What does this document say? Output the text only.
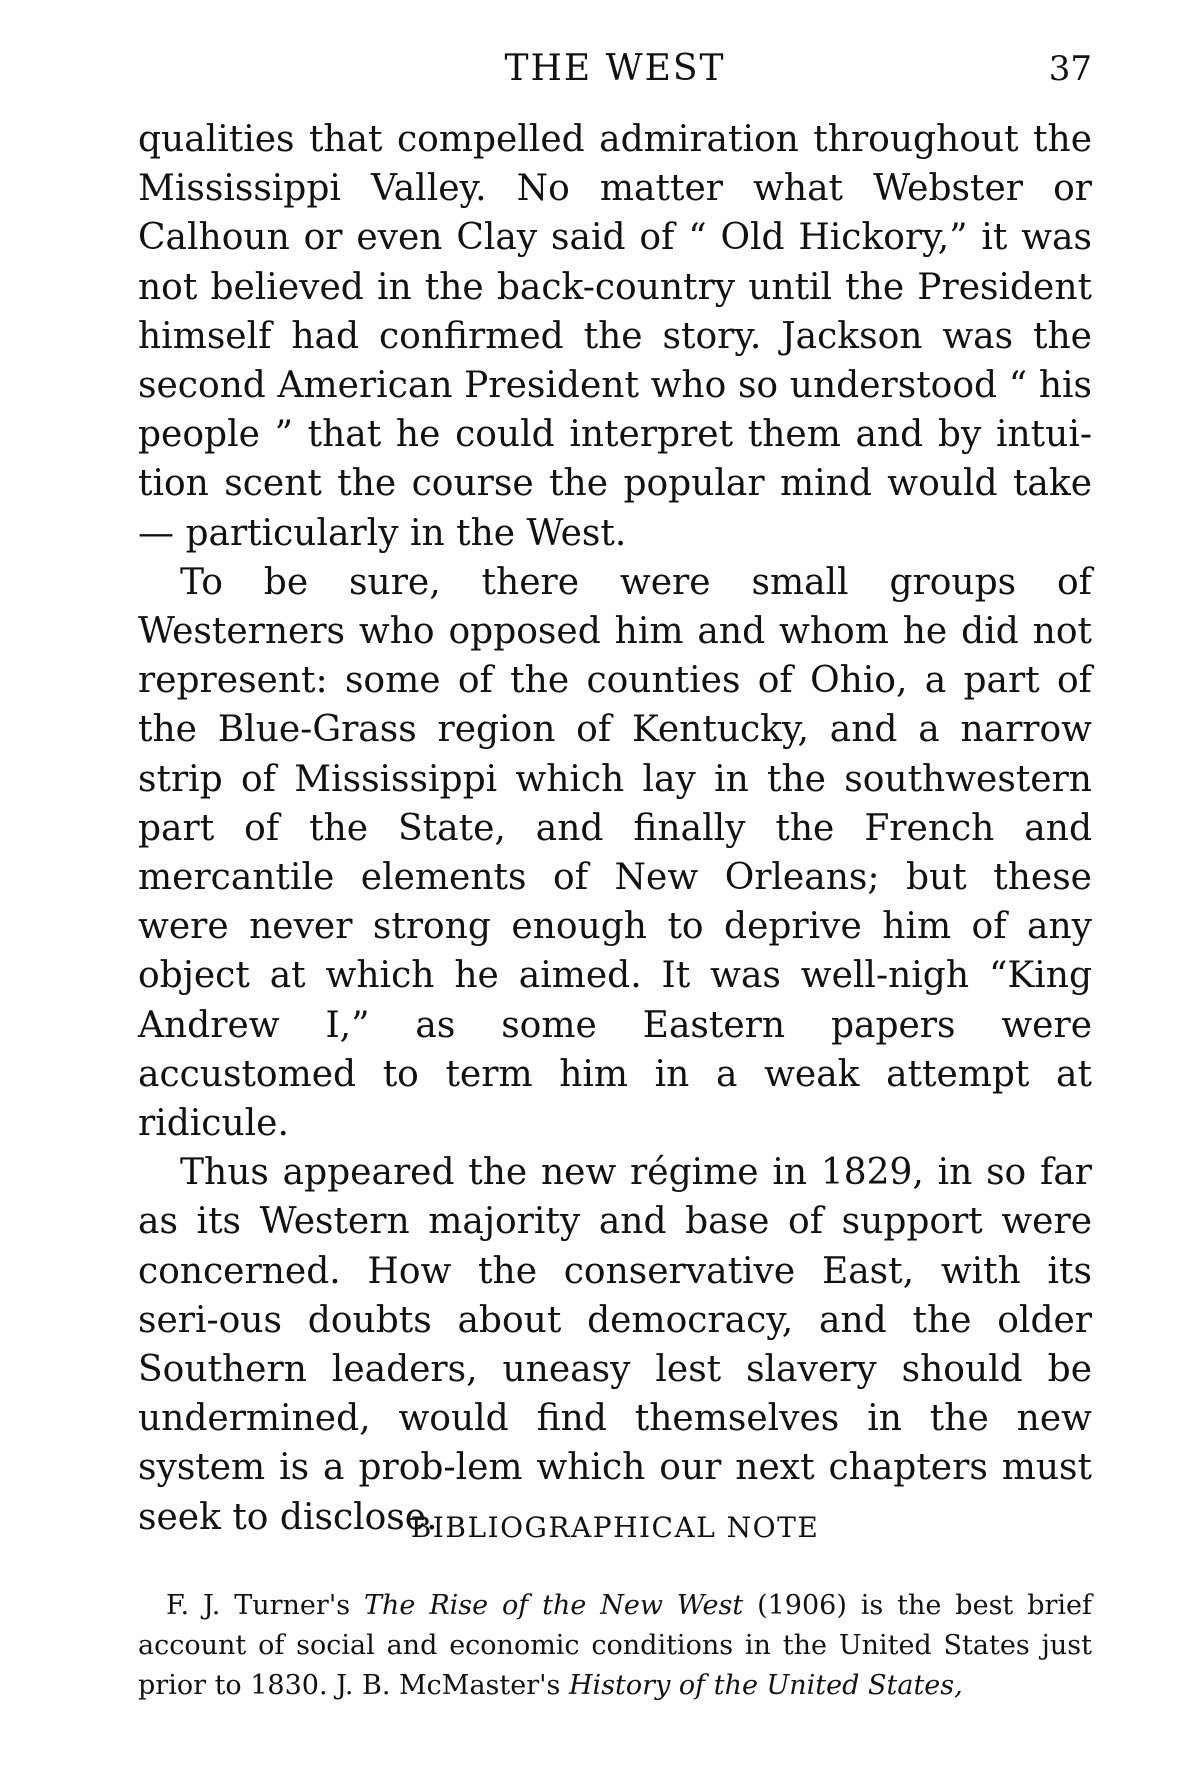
THE WEST	37

qualities that compelled admiration throughout the Mississippi Valley. No matter what Webster or Calhoun or even Clay said of “ Old Hickory,” it was not believed in the back-country until the President himself had confirmed the story. Jackson was the second American President who so understood “ his people ” that he could interpret them and by intui-tion scent the course the popular mind would take — particularly in the West.

To be sure, there were small groups of Westerners who opposed him and whom he did not represent: some of the counties of Ohio, a part of the Blue-Grass region of Kentucky, and a narrow strip of Mississippi which lay in the southwestern part of the State, and finally the French and mercantile elements of New Orleans; but these were never strong enough to deprive him of any object at which he aimed. It was well-nigh “King Andrew I,” as some Eastern papers were accustomed to term him in a weak attempt at ridicule.

Thus appeared the new régime in 1829, in so far as its Western majority and base of support were concerned. How the conservative East, with its seri-ous doubts about democracy, and the older Southern leaders, uneasy lest slavery should be undermined, would find themselves in the new system is a prob-lem which our next chapters must seek to disclose.

BIBLIOGRAPHICAL NOTE

F. J. Turner's The Rise of the New West (1906) is the best brief account of social and economic conditions in the United States just prior to 1830. J. B. McMaster's History of the United States,
